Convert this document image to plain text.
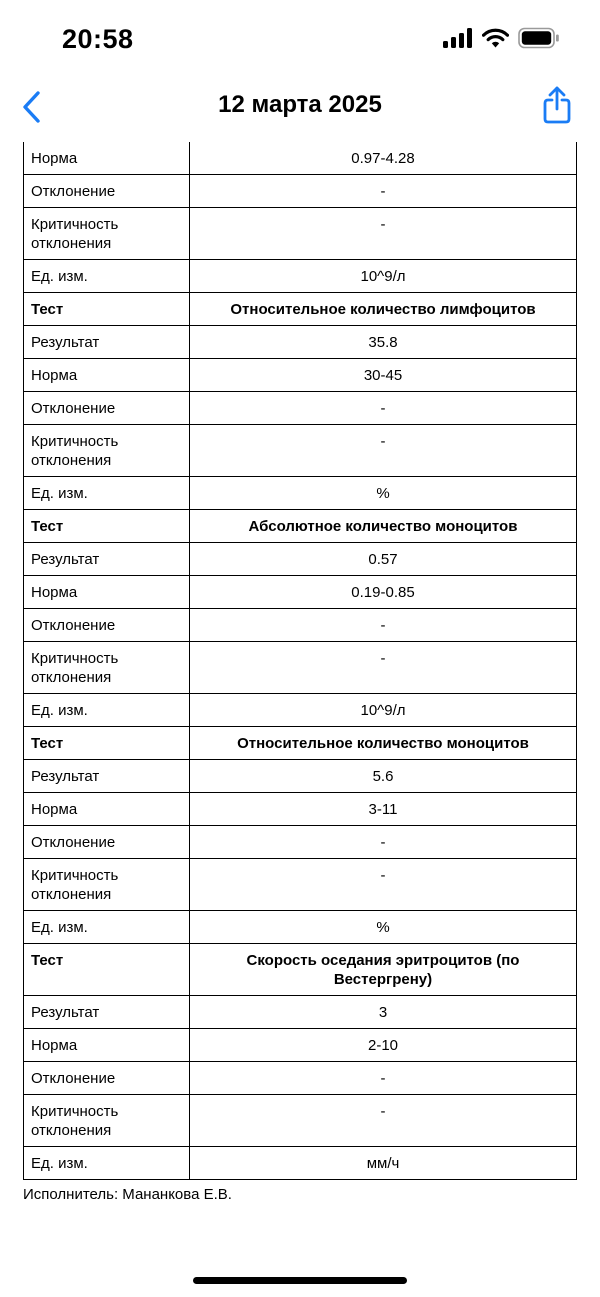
20:58
12 марта 2025
Норма	0.97-4.28
Отклонение	-
Критичность отклонения	-
Ед. изм.	10^9/л
Тест	Относительное количество лимфоцитов
Результат	35.8
Норма	30-45
Отклонение	-
Критичность отклонения	-
Ед. изм.	%
Тест	Абсолютное количество моноцитов
Результат	0.57
Норма	0.19-0.85
Отклонение	-
Критичность отклонения	-
Ед. изм.	10^9/л
Тест	Относительное количество моноцитов
Результат	5.6
Норма	3-11
Отклонение	-
Критичность отклонения	-
Ед. изм.	%
Тест	Скорость оседания эритроцитов (по Вестергрену)
Результат	3
Норма	2-10
Отклонение	-
Критичность отклонения	-
Ед. изм.	мм/ч
Исполнитель: Мананкова Е.В.
